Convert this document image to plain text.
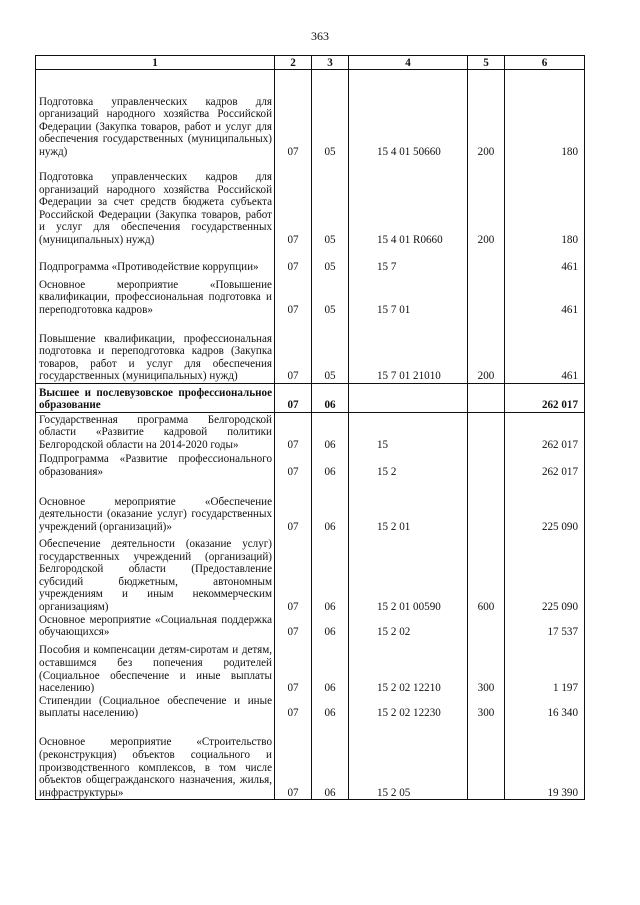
363
1	2	3	4	5	6
Подготовка управленческих кадров для организаций народного хозяйства Российской Федерации (Закупка товаров, работ и услуг для обеспечения государственных (муниципальных) нужд)	07	05	15 4 01 50660	200	180
Подготовка управленческих кадров для организаций народного хозяйства Российской Федерации за счет средств бюджета субъекта Российской Федерации (Закупка товаров, работ и услуг для обеспечения государственных (муниципальных) нужд)	07	05	15 4 01 R0660	200	180
Подпрограмма «Противодействие коррупции»	07	05	15 7		461
Основное мероприятие «Повышение квалификации, профессиональная подготовка и переподготовка кадров»	07	05	15 7 01		461
Повышение квалификации, профессиональная подготовка и переподготовка кадров (Закупка товаров, работ и услуг для обеспечения государственных (муниципальных) нужд)	07	05	15 7 01 21010	200	461
Высшее и послевузовское профессиональное образование	07	06			262 017
Государственная программа Белгородской области «Развитие кадровой политики Белгородской области на 2014-2020 годы»	07	06	15		262 017
Подпрограмма «Развитие профессионального образования»	07	06	15 2		262 017
Основное мероприятие «Обеспечение деятельности (оказание услуг) государственных учреждений (организаций)»	07	06	15 2 01		225 090
Обеспечение деятельности (оказание услуг) государственных учреждений (организаций) Белгородской области (Предоставление субсидий бюджетным, автономным учреждениям и иным некоммерческим организациям)	07	06	15 2 01 00590	600	225 090
Основное мероприятие «Социальная поддержка обучающихся»	07	06	15 2 02		17 537
Пособия и компенсации детям-сиротам и детям, оставшимся без попечения родителей (Социальное обеспечение и иные выплаты населению)	07	06	15 2 02 12210	300	1 197
Стипендии (Социальное обеспечение и иные выплаты населению)	07	06	15 2 02 12230	300	16 340
Основное мероприятие «Строительство (реконструкция) объектов социального и производственного комплексов, в том числе объектов общегражданского назначения, жилья, инфраструктуры»	07	06	15 2 05		19 390
